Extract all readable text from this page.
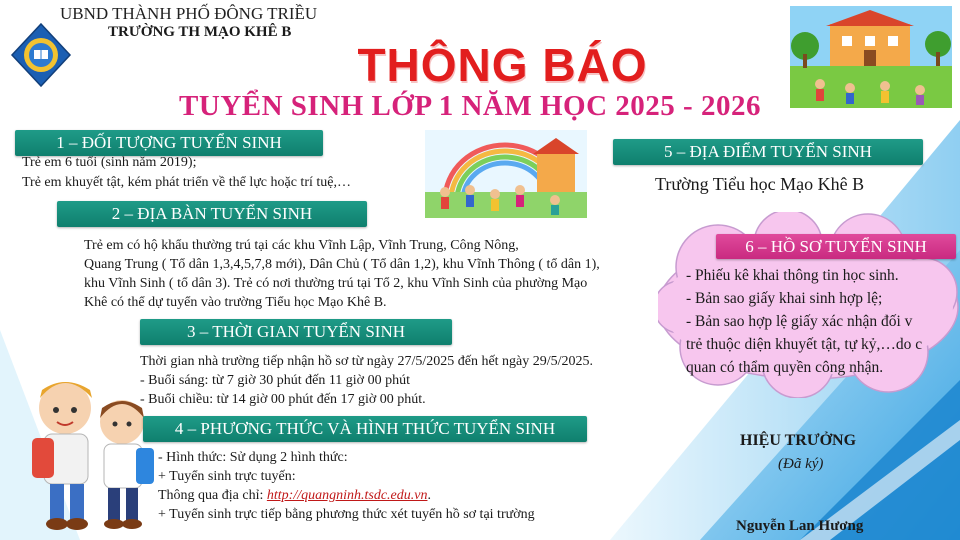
UBND THÀNH PHỐ ĐÔNG TRIỀU
TRƯỜNG TH MẠO KHÊ B
THÔNG BÁO
TUYỂN SINH LỚP 1 NĂM HỌC 2025 - 2026
1 – ĐỐI TƯỢNG TUYỂN SINH
Trẻ em 6 tuổi (sinh năm 2019);
Trẻ em khuyết tật, kém phát triển về thể lực hoặc trí tuệ,…
2 – ĐỊA BÀN TUYỂN SINH
Trẻ em có hộ khẩu thường trú tại các khu Vĩnh Lập, Vĩnh Trung, Công Nông,
Quang Trung ( Tổ dân 1,3,4,5,7,8 mới), Dân Chủ ( Tổ dân 1,2), khu Vĩnh Thông ( tổ dân 1),
khu Vĩnh Sinh ( tổ dân 3). Trẻ có nơi thường trú tại Tổ 2, khu Vĩnh Sinh của phường Mạo
Khê có thể dự tuyển vào trường Tiểu học Mạo Khê B.
3 – THỜI GIAN TUYỂN SINH
Thời gian nhà trường tiếp nhận hồ sơ từ ngày 27/5/2025 đến hết ngày 29/5/2025.
- Buổi sáng: từ 7 giờ 30 phút đến 11 giờ 00 phút
- Buổi chiều: từ 14 giờ 00 phút đến 17 giờ 00 phút.
4 – PHƯƠNG THỨC VÀ HÌNH THỨC TUYỂN SINH
- Hình thức: Sử dụng 2 hình thức:
+ Tuyển sinh trực tuyến:
Thông qua địa chỉ: http://quangninh.tsdc.edu.vn.
+ Tuyển sinh trực tiếp bằng phương thức xét tuyển hồ sơ tại trường
5 – ĐỊA ĐIỂM TUYỂN SINH
Trường Tiểu học Mạo Khê B
6 – HỒ SƠ TUYỂN SINH
- Phiếu kê khai thông tin học sinh.
- Bản sao giấy khai sinh hợp lệ;
- Bản sao hợp lệ giấy xác nhận đối v
trẻ thuộc diện khuyết tật, tự kỷ,…do c
quan có thẩm quyền công nhận.
HIỆU TRƯỞNG
(Đã ký)
Nguyễn Lan Hương
